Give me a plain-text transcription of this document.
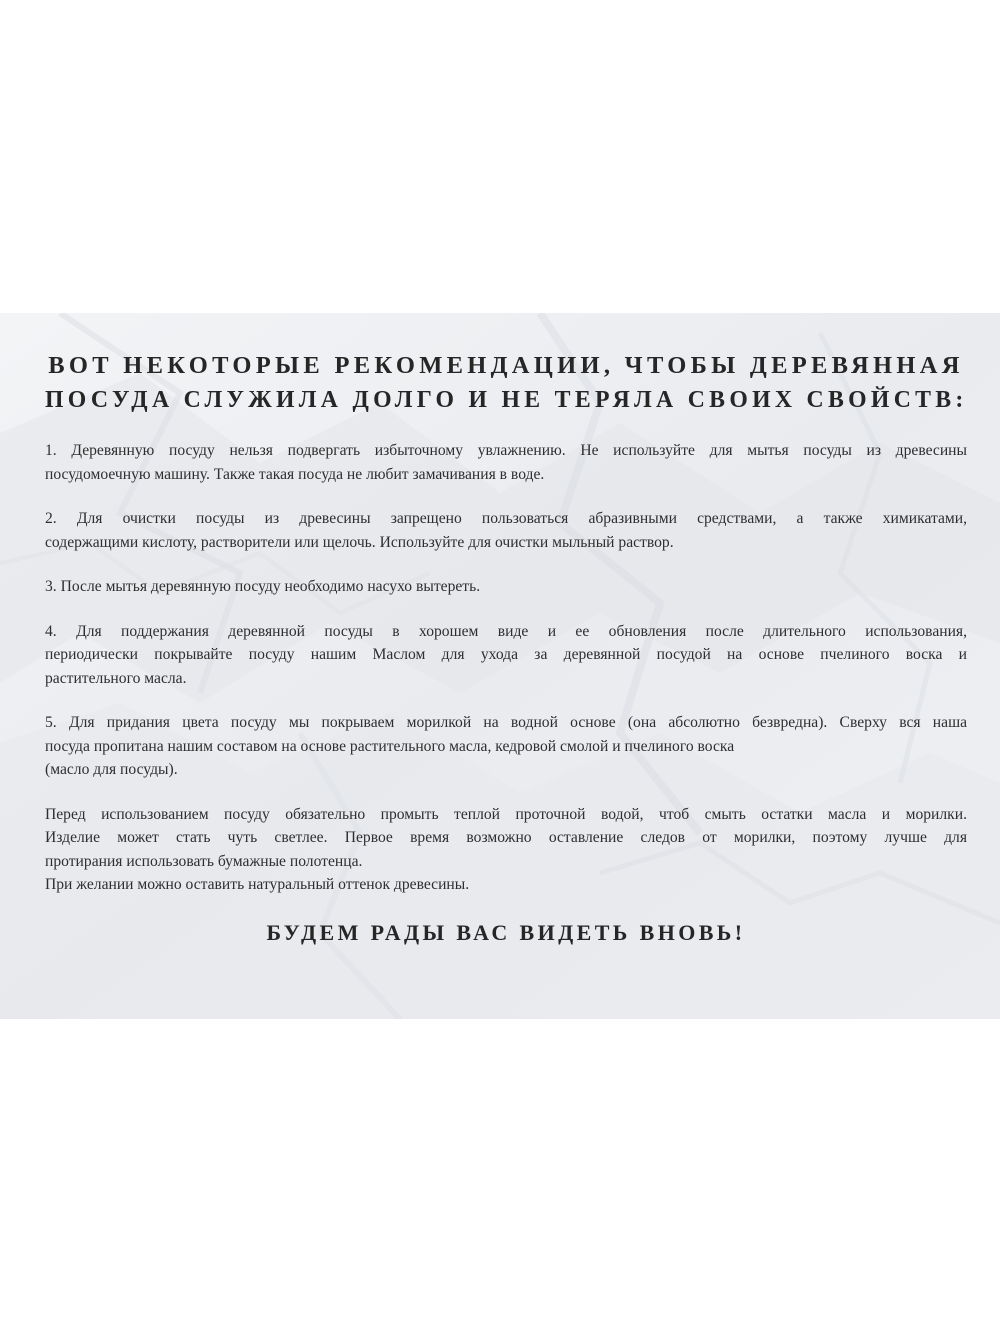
ВОТ НЕКОТОРЫЕ РЕКОМЕНДАЦИИ, ЧТОБЫ ДЕРЕВЯННАЯ
ПОСУДА СЛУЖИЛА ДОЛГО И НЕ ТЕРЯЛА СВОИХ СВОЙСТВ:

1. Деревянную посуду нельзя подвергать избыточному увлажнению. Не используйте для мытья посуды из древесины
посудомоечную машину. Также такая посуда не любит замачивания в воде.

2. Для очистки посуды из древесины запрещено пользоваться абразивными средствами, а также химикатами,
содержащими кислоту, растворители или щелочь. Используйте для очистки мыльный раствор.

3. После мытья деревянную посуду необходимо насухо вытереть.

4. Для поддержания деревянной посуды в хорошем виде и ее обновления после длительного использования,
периодически покрывайте посуду нашим Маслом для ухода за деревянной посудой на основе пчелиного воска и
растительного масла.

5. Для придания цвета посуду мы покрываем морилкой на водной основе (она абсолютно безвредна). Сверху вся наша
посуда пропитана нашим составом на основе растительного масла, кедровой смолой и пчелиного воска
(масло для посуды).

Перед использованием посуду обязательно промыть теплой проточной водой, чтоб смыть остатки масла и морилки.
Изделие может стать чуть светлее. Первое время возможно оставление следов от морилки, поэтому лучше для
протирания использовать бумажные полотенца.
При желании можно оставить натуральный оттенок древесины.

БУДЕМ РАДЫ ВАС ВИДЕТЬ ВНОВЬ!
